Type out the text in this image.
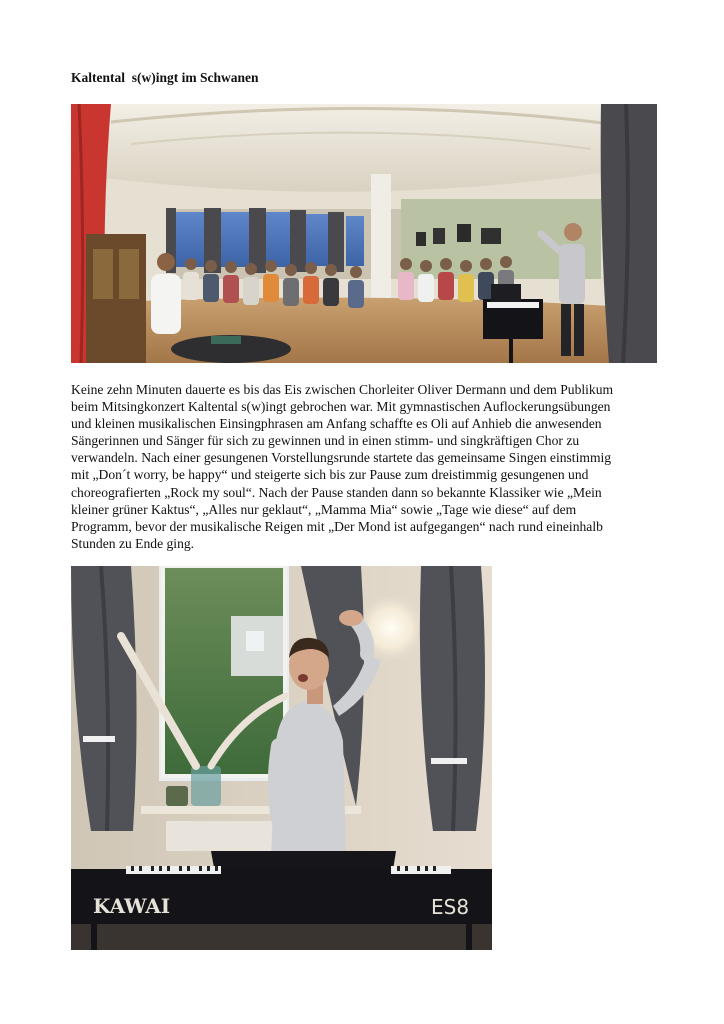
Kaltental  s(w)ingt im Schwanen
Keine zehn Minuten dauerte es bis das Eis zwischen Chorleiter Oliver Dermann und dem Publikum
beim Mitsingkonzert Kaltental s(w)ingt gebrochen war. Mit gymnastischen Auflockerungsübungen
und kleinen musikalischen Einsingphrasen am Anfang schaffte es Oli auf Anhieb die anwesenden
Sängerinnen und Sänger für sich zu gewinnen und in einen stimm- und singkräftigen Chor zu
verwandeln. Nach einer gesungenen Vorstellungsrunde startete das gemeinsame Singen einstimmig
mit „Don´t worry, be happy“ und steigerte sich bis zur Pause zum dreistimmig gesungenen und
choreografierten „Rock my soul“. Nach der Pause standen dann so bekannte Klassiker wie „Mein
kleiner grüner Kaktus“, „Alles nur geklaut“, „Mamma Mia“ sowie „Tage wie diese“ auf dem
Programm, bevor der musikalische Reigen mit „Der Mond ist aufgegangen“ nach rund eineinhalb
Stunden zu Ende ging.
KAWAI	ES8
